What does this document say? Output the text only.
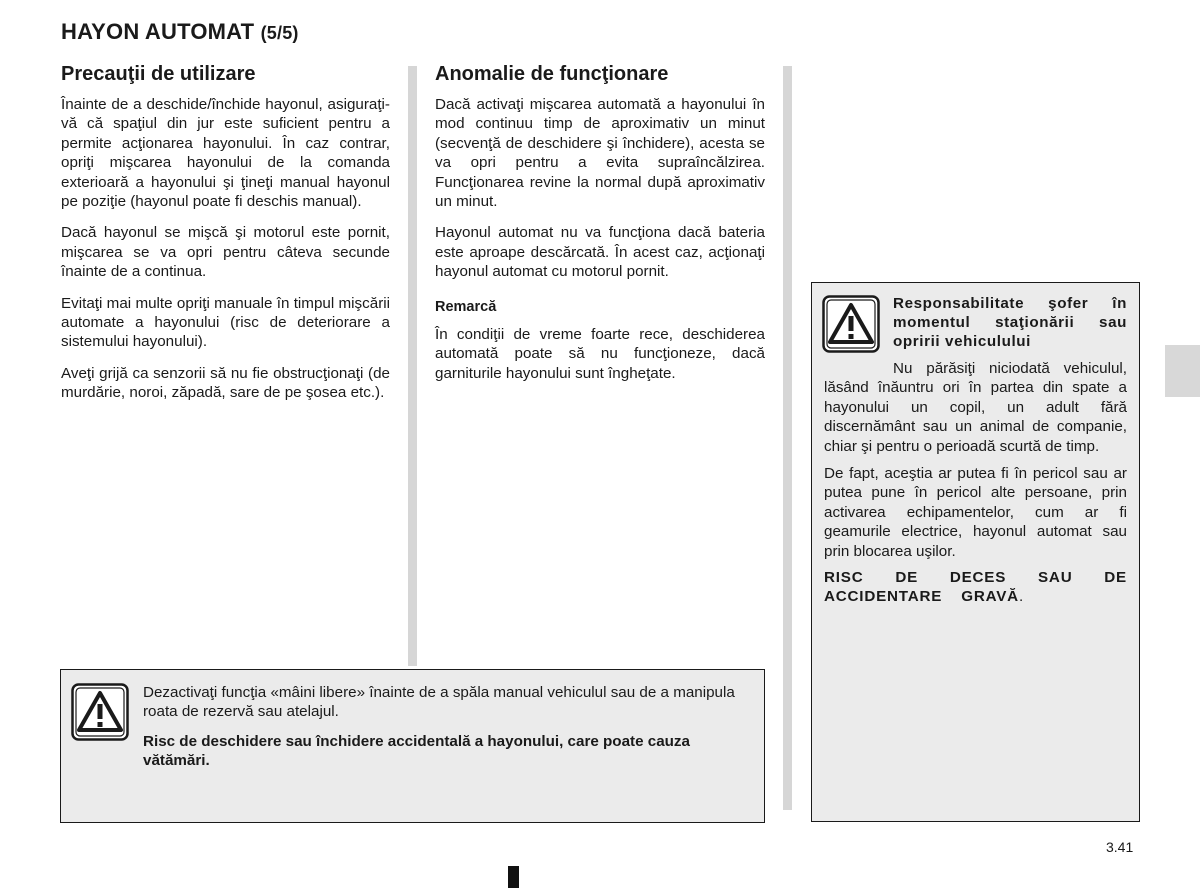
HAYON AUTOMAT (5/5)
Precauţii de utilizare

Înainte de a deschide/închide hayonul, asiguraţi-vă că spaţiul din jur este suficient pentru a permite acţionarea hayonului. În caz contrar, opriţi mişcarea hayonului de la comanda exterioară a hayonului şi ţineţi manual hayonul pe poziţie (hayonul poate fi deschis manual).

Dacă hayonul se mişcă şi motorul este pornit, mişcarea se va opri pentru câteva secunde înainte de a continua.

Evitaţi mai multe opriţi manuale în timpul mişcării automate a hayonului (risc de deteriorare a sistemului hayonului).

Aveţi grijă ca senzorii să nu fie obstrucţionaţi (de murdărie, noroi, zăpadă, sare de pe şosea etc.).

Anomalie de funcţionare

Dacă activaţi mişcarea automată a hayonului în mod continuu timp de aproximativ un minut (secvenţă de deschidere şi închidere), acesta se va opri pentru a evita supraîncălzirea. Funcţionarea revine la normal după aproximativ un minut.

Hayonul automat nu va funcţiona dacă bateria este aproape descărcată. În acest caz, acţionaţi hayonul automat cu motorul pornit.

Remarcă

În condiţii de vreme foarte rece, deschiderea automată poate să nu funcţioneze, dacă garniturile hayonului sunt îngheţate.

Responsabilitate şofer în momentul staţionării sau opririi vehiculului
Nu părăsiţi niciodată vehiculul, lăsând înăuntru ori în partea din spate a hayonului un copil, un adult fără discernământ sau un animal de companie, chiar şi pentru o perioadă scurtă de timp.
De fapt, aceştia ar putea fi în pericol sau ar putea pune în pericol alte persoane, prin activarea echipamentelor, cum ar fi geamurile electrice, hayonul automat sau prin blocarea uşilor.
RISC DE DECES SAU DE ACCIDENTARE GRAVĂ.
Dezactivaţi funcţia «mâini libere» înainte de a spăla manual vehiculul sau de a manipula roata de rezervă sau atelajul.
Risc de deschidere sau închidere accidentală a hayonului, care poate cauza vătămări.
3.41
